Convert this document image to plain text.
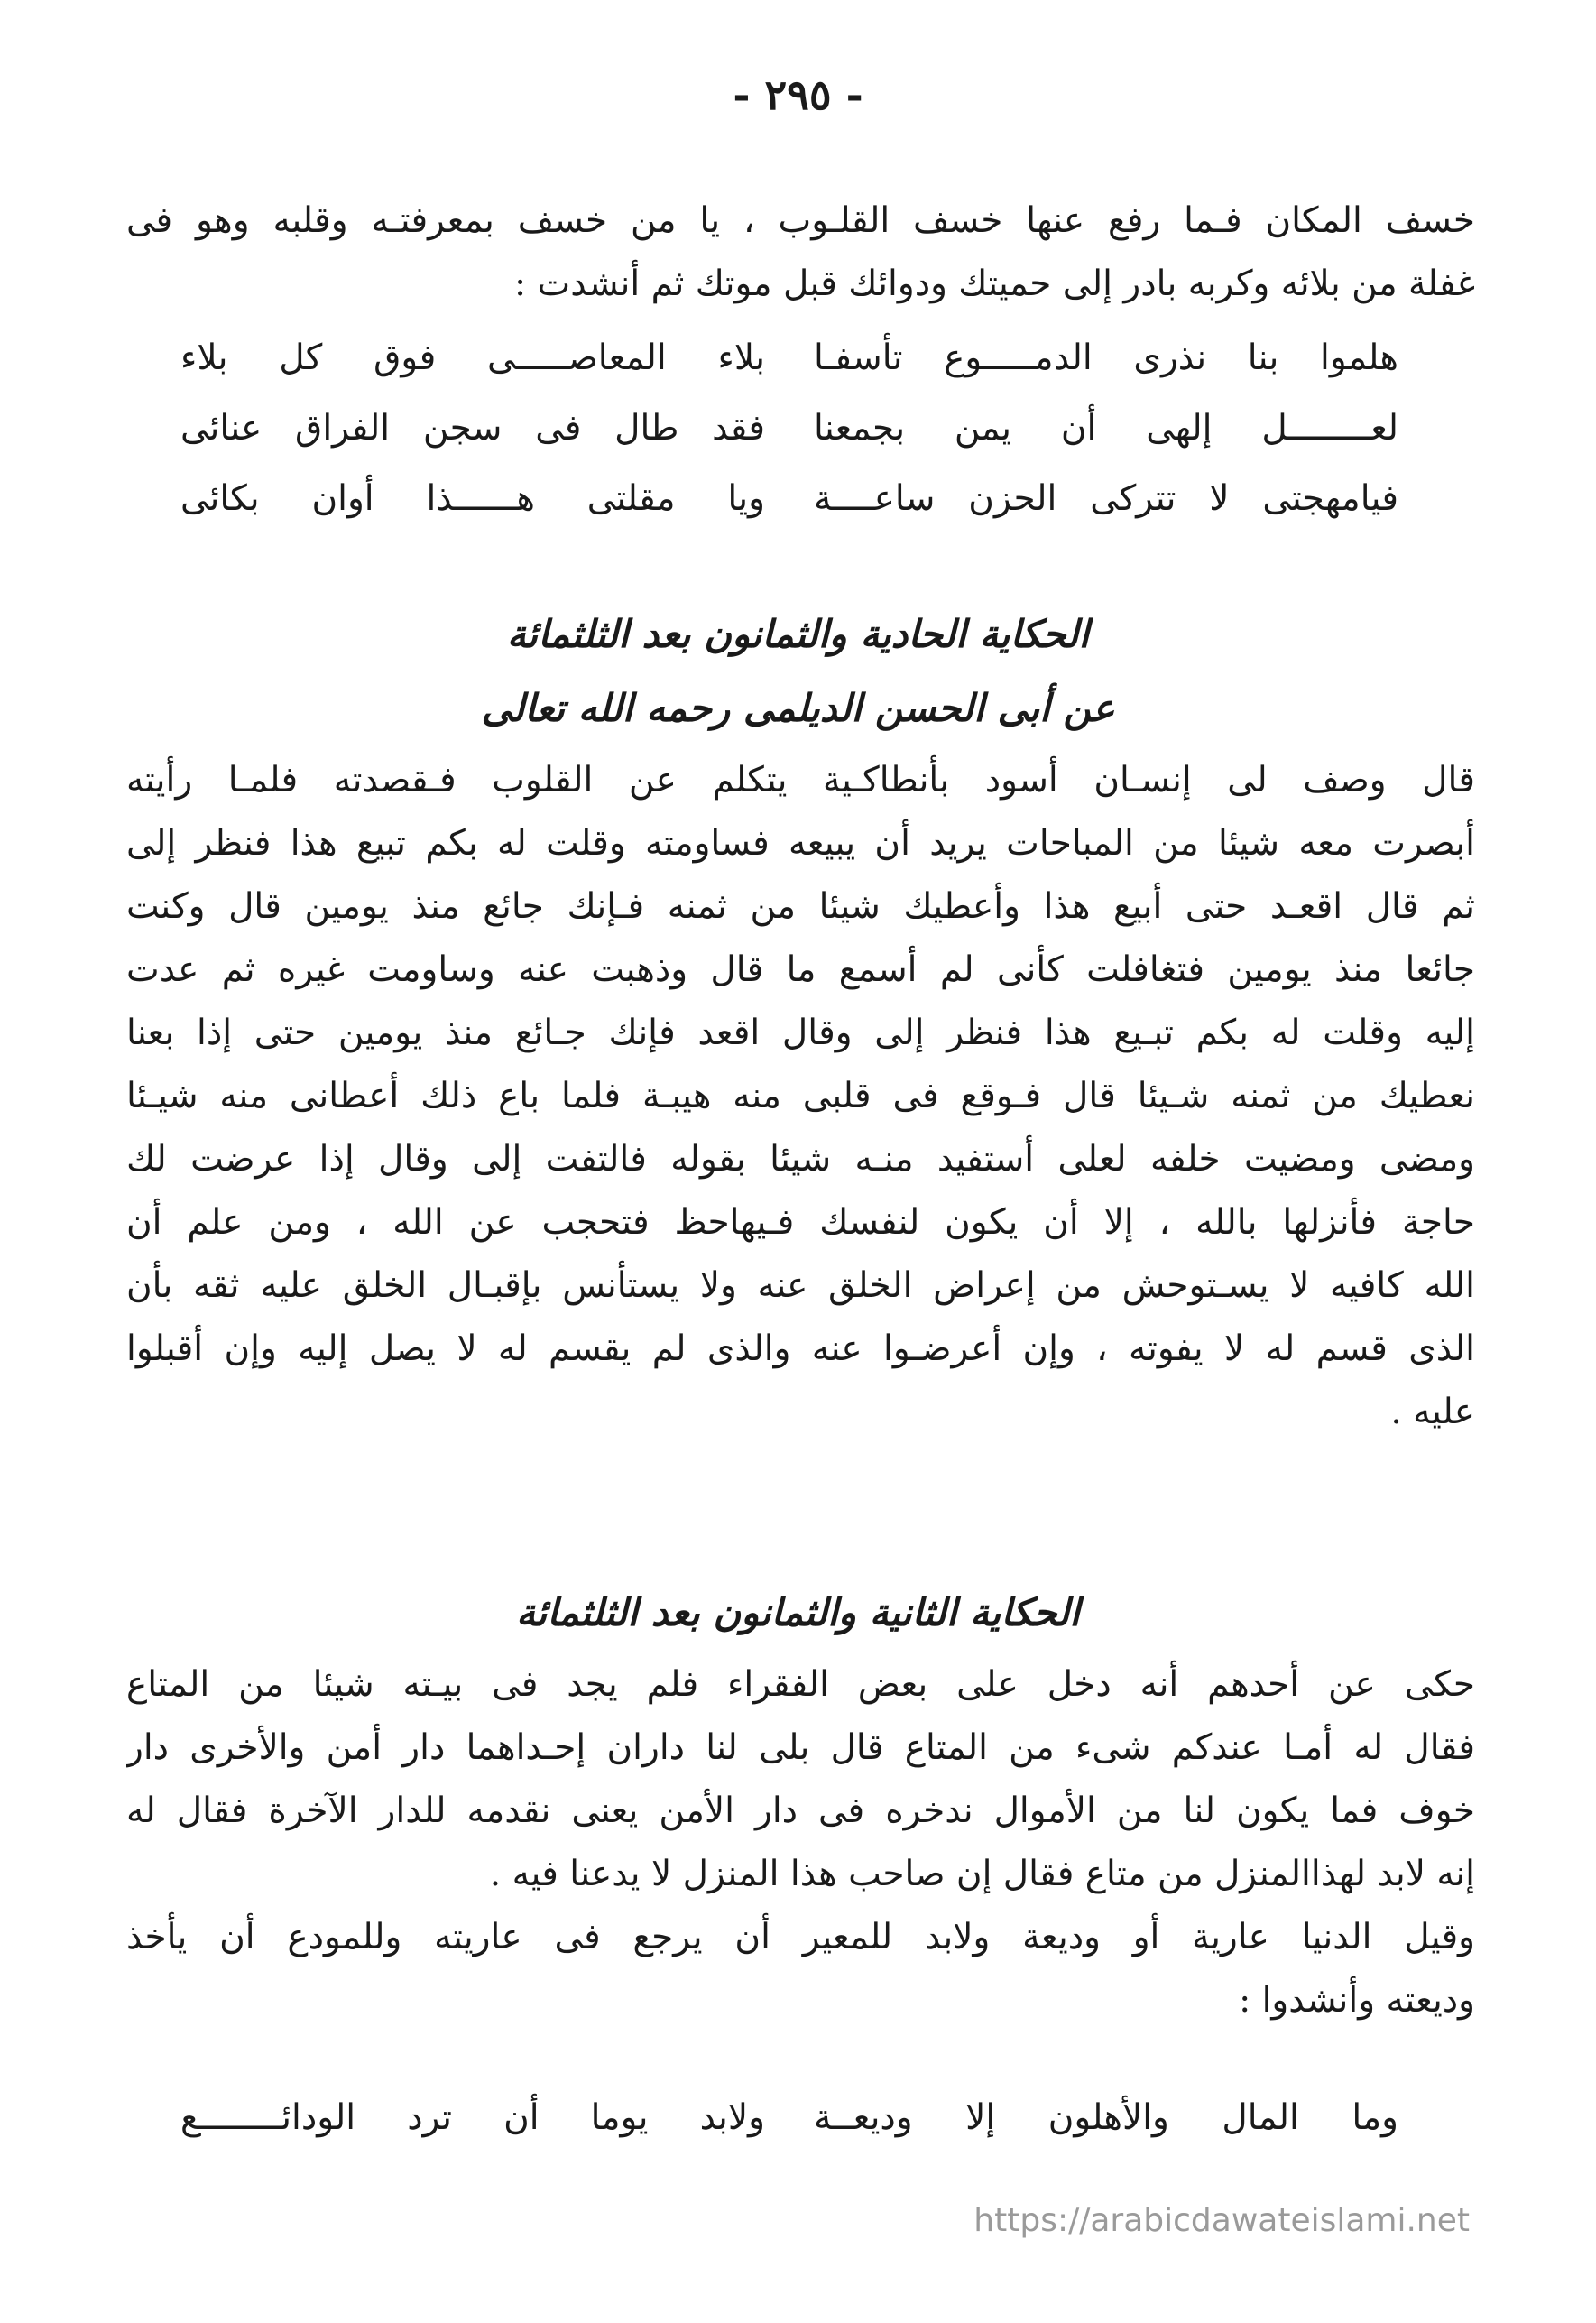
- ٢٩٥ -
خسف المكان فـما رفع عنها خسف القلـوب ، يا من خسف بمعرفتـه وقلبه وهو فى
غفلة من بلائه وكربه بادر إلى حميتك ودوائك قبل موتك ثم أنشدت :
هلموا بنا نذرى الدمـــــوع تأسفـا
بلاء المعاصـــــى فوق كل بلاء
لعــــــــل إلهى أن يمن بجمعنا
فقد طال فى سجن الفراق عنائى
فيامهجتى لا تتركى الحزن ساعــــة
ويا مقلتى هــــــذا أوان بكائى
الحكاية الحادية والثمانون بعد الثلثمائة
عن أبى الحسن الديلمى رحمه الله تعالى
قال وصف لى إنسـان أسود بأنطاكـية يتكلم عن القلوب فـقصدته فلمـا رأيته
أبصرت معه شيئا من المباحات يريد أن يبيعه فساومته وقلت له بكم تبيع هذا فنظر إلى
ثم قال اقعـد حتى أبيع هذا وأعطيك شيئا من ثمنه فـإنك جائع منذ يومين قال وكنت
جائعا منذ يومين فتغافلت كأنى لم أسمع ما قال وذهبت عنه وساومت غيره ثم عدت
إليه وقلت له بكم تبـيع هذا فنظر إلى وقال اقعد فإنك جـائع منذ يومين حتى إذا بعنا
نعطيك من ثمنه شـيئا قال فـوقع فى قلبى منه هيبـة فلما باع ذلك أعطانى منه شيـئا
ومضى ومضيت خلفه لعلى أستفيد منـه شيئا بقوله فالتفت إلى وقال إذا عرضت لك
حاجة فأنزلها بالله ، إلا أن يكون لنفسك فـيهاحظ فتحجب عن الله ، ومن علم أن
الله كافيه لا يسـتوحش من إعراض الخلق عنه ولا يستأنس بإقبـال الخلق عليه ثقه بأن
الذى قسم له لا يفوته ، وإن أعرضـوا عنه والذى لم يقسم له لا يصل إليه وإن أقبلوا
عليه .
الحكاية الثانية والثمانون بعد الثلثمائة
حكى عن أحدهم أنه دخل على بعض الفقراء فلم يجد فى بيـته شيئا من المتاع
فقال له أمـا عندكم شىء من المتاع قال بلى لنا داران إحـداهما دار أمن والأخرى دار
خوف فما يكون لنا من الأموال ندخره فى دار الأمن يعنى نقدمه للدار الآخرة فقال له
إنه لابد لهذاالمنزل من متاع فقال إن صاحب هذا المنزل لا يدعنا فيه .
وقيل الدنيا عارية أو وديعة ولابد للمعير أن يرجع فى عاريته وللمودع أن يأخذ
وديعته وأنشدوا :
وما المال والأهلون إلا وديعــة
ولابد يوما أن ترد الودائــــــــع
https://arabicdawateislami.net
